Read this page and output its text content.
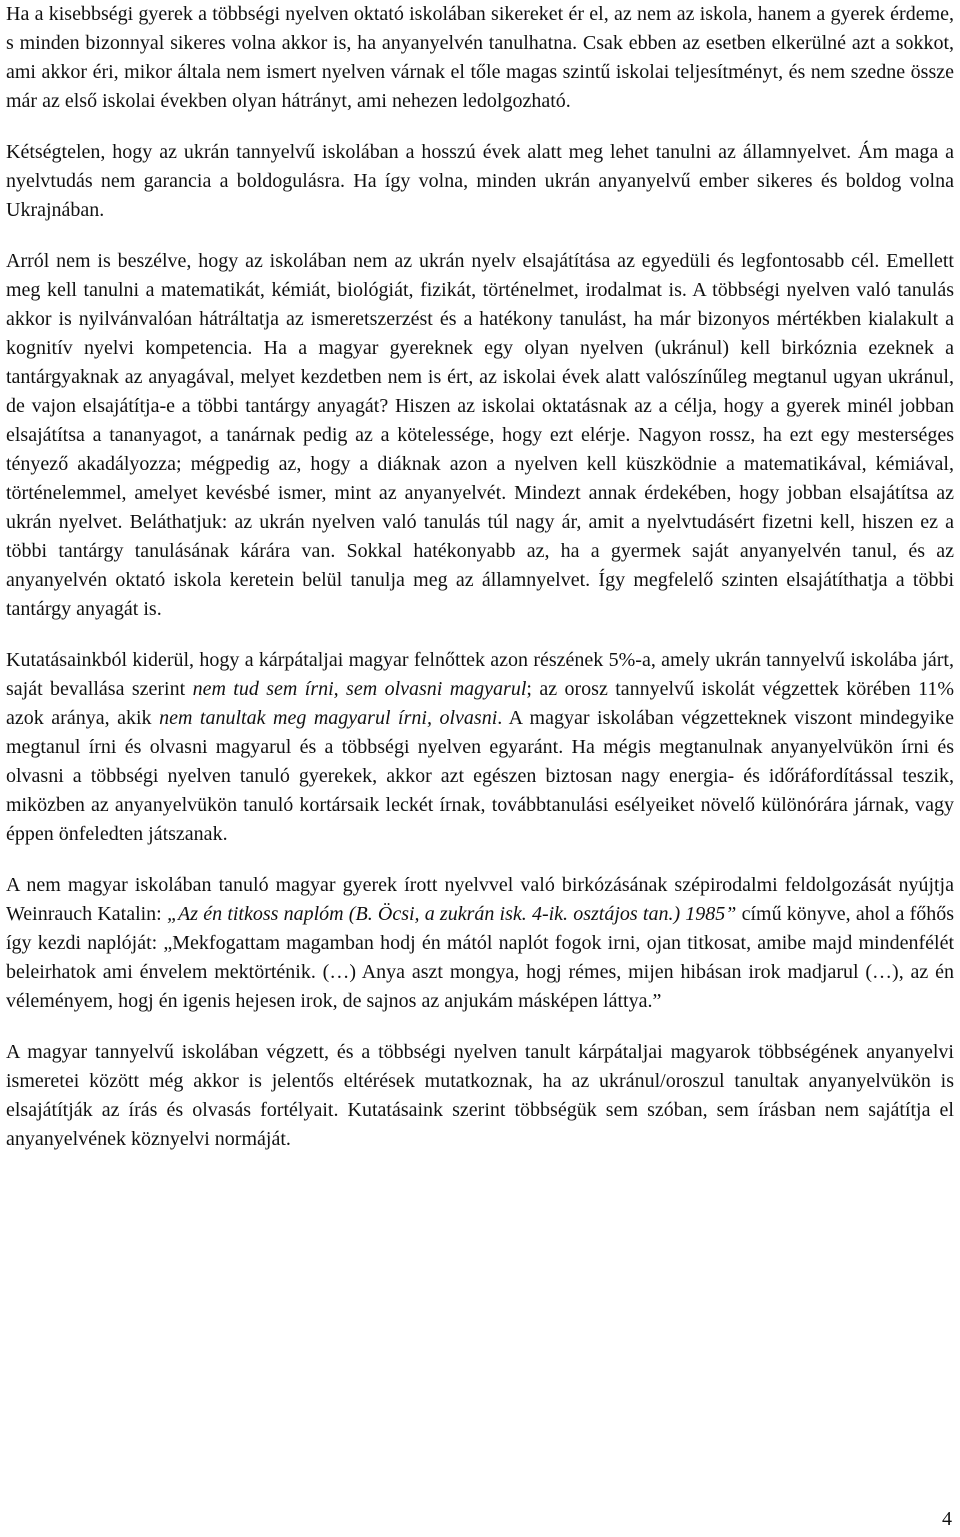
Ha a kisebbségi gyerek a többségi nyelven oktató iskolában sikereket ér el, az nem az iskola, hanem a gyerek érdeme, s minden bizonnyal sikeres volna akkor is, ha anyanyelvén tanulhatna. Csak ebben az esetben elkerülné azt a sokkot, ami akkor éri, mikor általa nem ismert nyelven várnak el tőle magas szintű iskolai teljesítményt, és nem szedne össze már az első iskolai években olyan hátrányt, ami nehezen ledolgozható.

Kétségtelen, hogy az ukrán tannyelvű iskolában a hosszú évek alatt meg lehet tanulni az államnyelvet. Ám maga a nyelvtudás nem garancia a boldogulásra. Ha így volna, minden ukrán anyanyelvű ember sikeres és boldog volna Ukrajnában.

Arról nem is beszélve, hogy az iskolában nem az ukrán nyelv elsajátítása az egyedüli és legfontosabb cél. Emellett meg kell tanulni a matematikát, kémiát, biológiát, fizikát, történelmet, irodalmat is. A többségi nyelven való tanulás akkor is nyilvánvalóan hátráltatja az ismeretszerzést és a hatékony tanulást, ha már bizonyos mértékben kialakult a kognitív nyelvi kompetencia. Ha a magyar gyereknek egy olyan nyelven (ukránul) kell birkóznia ezeknek a tantárgyaknak az anyagával, melyet kezdetben nem is ért, az iskolai évek alatt valószínűleg megtanul ugyan ukránul, de vajon elsajátítja-e a többi tantárgy anyagát? Hiszen az iskolai oktatásnak az a célja, hogy a gyerek minél jobban elsajátítsa a tananyagot, a tanárnak pedig az a kötelessége, hogy ezt elérje. Nagyon rossz, ha ezt egy mesterséges tényező akadályozza; mégpedig az, hogy a diáknak azon a nyelven kell küszködnie a matematikával, kémiával, történelemmel, amelyet kevésbé ismer, mint az anyanyelvét. Mindezt annak érdekében, hogy jobban elsajátítsa az ukrán nyelvet. Beláthatjuk: az ukrán nyelven való tanulás túl nagy ár, amit a nyelvtudásért fizetni kell, hiszen ez a többi tantárgy tanulásának kárára van. Sokkal hatékonyabb az, ha a gyermek saját anyanyelvén tanul, és az anyanyelvén oktató iskola keretein belül tanulja meg az államnyelvet. Így megfelelő szinten elsajátíthatja a többi tantárgy anyagát is.

Kutatásainkból kiderül, hogy a kárpátaljai magyar felnőttek azon részének 5%-a, amely ukrán tannyelvű iskolába járt, saját bevallása szerint nem tud sem írni, sem olvasni magyarul; az orosz tannyelvű iskolát végzettek körében 11% azok aránya, akik nem tanultak meg magyarul írni, olvasni. A magyar iskolában végzetteknek viszont mindegyike megtanul írni és olvasni magyarul és a többségi nyelven egyaránt. Ha mégis megtanulnak anyanyelvükön írni és olvasni a többségi nyelven tanuló gyerekek, akkor azt egészen biztosan nagy energia- és időráfordítással teszik, miközben az anyanyelvükön tanuló kortársaik leckét írnak, továbbtanulási esélyeiket növelő különórára járnak, vagy éppen önfeledten játszanak.

A nem magyar iskolában tanuló magyar gyerek írott nyelvvel való birkózásának szépirodalmi feldolgozását nyújtja Weinrauch Katalin: „Az én titkoss naplóm (B. Öcsi, a zukrán isk. 4-ik. osztájos tan.) 1985” című könyve, ahol a főhős így kezdi naplóját: „Mekfogattam magamban hodj én mától naplót fogok irni, ojan titkosat, amibe majd mindenfélét beleirhatok ami énvelem mektörténik. (…) Anya aszt mongya, hogj rémes, mijen hibásan irok madjarul (…), az én véleményem, hogj én igenis hejesen irok, de sajnos az anjukám másképen láttya.”

A magyar tannyelvű iskolában végzett, és a többségi nyelven tanult kárpátaljai magyarok többségének anyanyelvi ismeretei között még akkor is jelentős eltérések mutatkoznak, ha az ukránul/oroszul tanultak anyanyelvükön is elsajátítják az írás és olvasás fortélyait. Kutatásaink szerint többségük sem szóban, sem írásban nem sajátítja el anyanyelvének köznyelvi normáját.

4
